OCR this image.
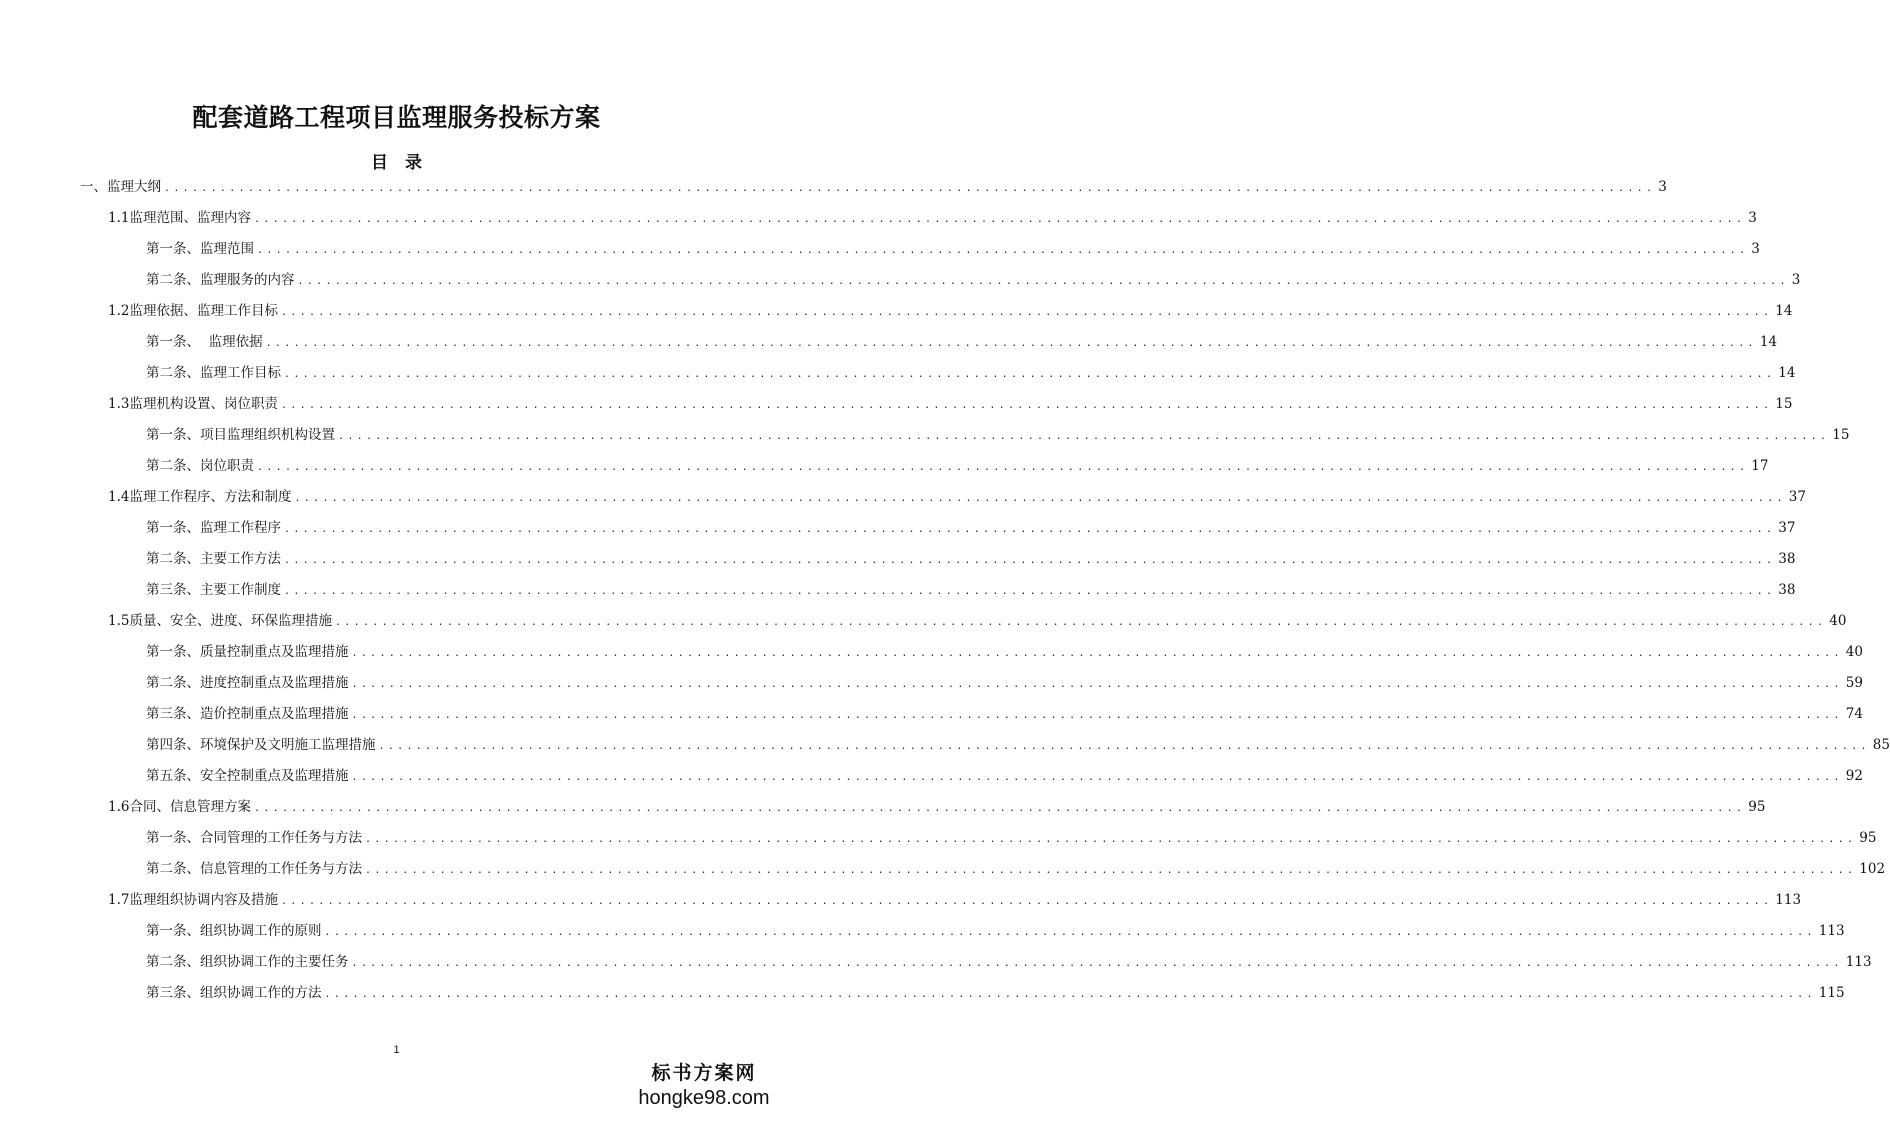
配套道路工程项目监理服务投标方案
目　录
一、监理大纲 ................................................................................................................................................................ 3
1.1监理范围、监理内容 ................................................................................................................................................................ 3
第一条、监理范围 ................................................................................................................................................................ 3
第二条、监理服务的内容 ................................................................................................................................................................ 3
1.2监理依据、监理工作目标 ................................................................................................................................................................ 14
第一条、  监理依据 ................................................................................................................................................................ 14
第二条、监理工作目标 ................................................................................................................................................................ 14
1.3监理机构设置、岗位职责 ................................................................................................................................................................ 15
第一条、项目监理组织机构设置 ................................................................................................................................................................ 15
第二条、岗位职责 ................................................................................................................................................................ 17
1.4监理工作程序、方法和制度 ................................................................................................................................................................ 37
第一条、监理工作程序 ................................................................................................................................................................ 37
第二条、主要工作方法 ................................................................................................................................................................ 38
第三条、主要工作制度 ................................................................................................................................................................ 38
1.5质量、安全、进度、环保监理措施 ................................................................................................................................................................ 40
第一条、质量控制重点及监理措施 ................................................................................................................................................................ 40
第二条、进度控制重点及监理措施 ................................................................................................................................................................ 59
第三条、造价控制重点及监理措施 ................................................................................................................................................................ 74
第四条、环境保护及文明施工监理措施 ................................................................................................................................................................ 85
第五条、安全控制重点及监理措施 ................................................................................................................................................................ 92
1.6合同、信息管理方案 ................................................................................................................................................................ 95
第一条、合同管理的工作任务与方法 ................................................................................................................................................................ 95
第二条、信息管理的工作任务与方法 ................................................................................................................................................................ 102
1.7监理组织协调内容及措施 ................................................................................................................................................................ 113
第一条、组织协调工作的原则 ................................................................................................................................................................ 113
第二条、组织协调工作的主要任务 ................................................................................................................................................................ 113
第三条、组织协调工作的方法 ................................................................................................................................................................ 115
1
标书方案网
hongke98.com
